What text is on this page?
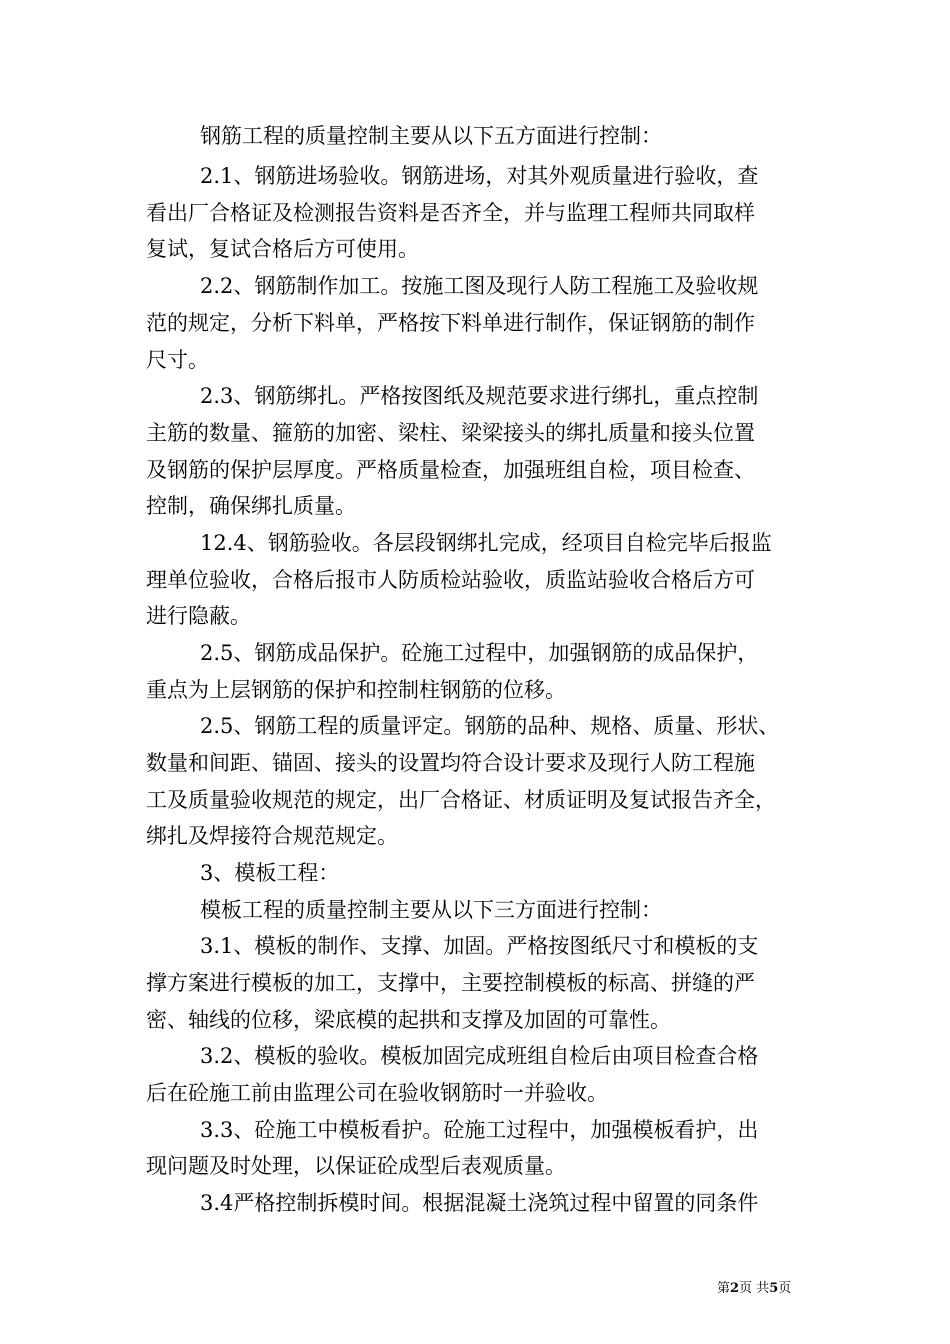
钢筋工程的质量控制主要从以下五方面进行控制：
2.1、钢筋进场验收。钢筋进场，对其外观质量进行验收，查
看出厂合格证及检测报告资料是否齐全，并与监理工程师共同取样
复试，复试合格后方可使用。
2.2、钢筋制作加工。按施工图及现行人防工程施工及验收规
范的规定，分析下料单，严格按下料单进行制作，保证钢筋的制作
尺寸。
2.3、钢筋绑扎。严格按图纸及规范要求进行绑扎，重点控制
主筋的数量、箍筋的加密、梁柱、梁梁接头的绑扎质量和接头位置
及钢筋的保护层厚度。严格质量检查，加强班组自检，项目检查、
控制，确保绑扎质量。
12.4、钢筋验收。各层段钢绑扎完成，经项目自检完毕后报监
理单位验收，合格后报市人防质检站验收，质监站验收合格后方可
进行隐蔽。
2.5、钢筋成品保护。砼施工过程中，加强钢筋的成品保护，
重点为上层钢筋的保护和控制柱钢筋的位移。
2.5、钢筋工程的质量评定。钢筋的品种、规格、质量、形状、
数量和间距、锚固、接头的设置均符合设计要求及现行人防工程施
工及质量验收规范的规定，出厂合格证、材质证明及复试报告齐全，
绑扎及焊接符合规范规定。
3、模板工程：
模板工程的质量控制主要从以下三方面进行控制：
3.1、模板的制作、支撑、加固。严格按图纸尺寸和模板的支
撑方案进行模板的加工，支撑中，主要控制模板的标高、拼缝的严
密、轴线的位移，梁底模的起拱和支撑及加固的可靠性。
3.2、模板的验收。模板加固完成班组自检后由项目检查合格
后在砼施工前由监理公司在验收钢筋时一并验收。
3.3、砼施工中模板看护。砼施工过程中，加强模板看护，出
现问题及时处理，以保证砼成型后表观质量。
3.4严格控制拆模时间。根据混凝土浇筑过程中留置的同条件
第2页 共5页
